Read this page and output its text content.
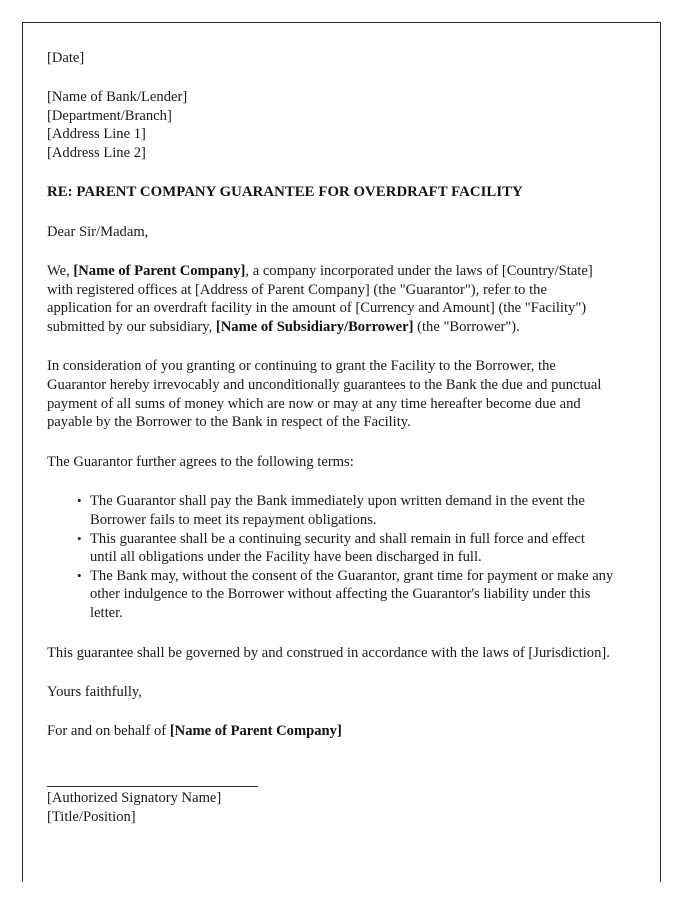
[Date]
[Name of Bank/Lender]
[Department/Branch]
[Address Line 1]
[Address Line 2]
RE: PARENT COMPANY GUARANTEE FOR OVERDRAFT FACILITY
Dear Sir/Madam,
We, [Name of Parent Company], a company incorporated under the laws of [Country/State] with registered offices at [Address of Parent Company] (the "Guarantor"), refer to the application for an overdraft facility in the amount of [Currency and Amount] (the "Facility") submitted by our subsidiary, [Name of Subsidiary/Borrower] (the "Borrower").
In consideration of you granting or continuing to grant the Facility to the Borrower, the Guarantor hereby irrevocably and unconditionally guarantees to the Bank the due and punctual payment of all sums of money which are now or may at any time hereafter become due and payable by the Borrower to the Bank in respect of the Facility.
The Guarantor further agrees to the following terms:
• The Guarantor shall pay the Bank immediately upon written demand in the event the Borrower fails to meet its repayment obligations.
• This guarantee shall be a continuing security and shall remain in full force and effect until all obligations under the Facility have been discharged in full.
• The Bank may, without the consent of the Guarantor, grant time for payment or make any other indulgence to the Borrower without affecting the Guarantor's liability under this letter.
This guarantee shall be governed by and construed in accordance with the laws of [Jurisdiction].
Yours faithfully,
For and on behalf of [Name of Parent Company]
[Authorized Signatory Name]
[Title/Position]
